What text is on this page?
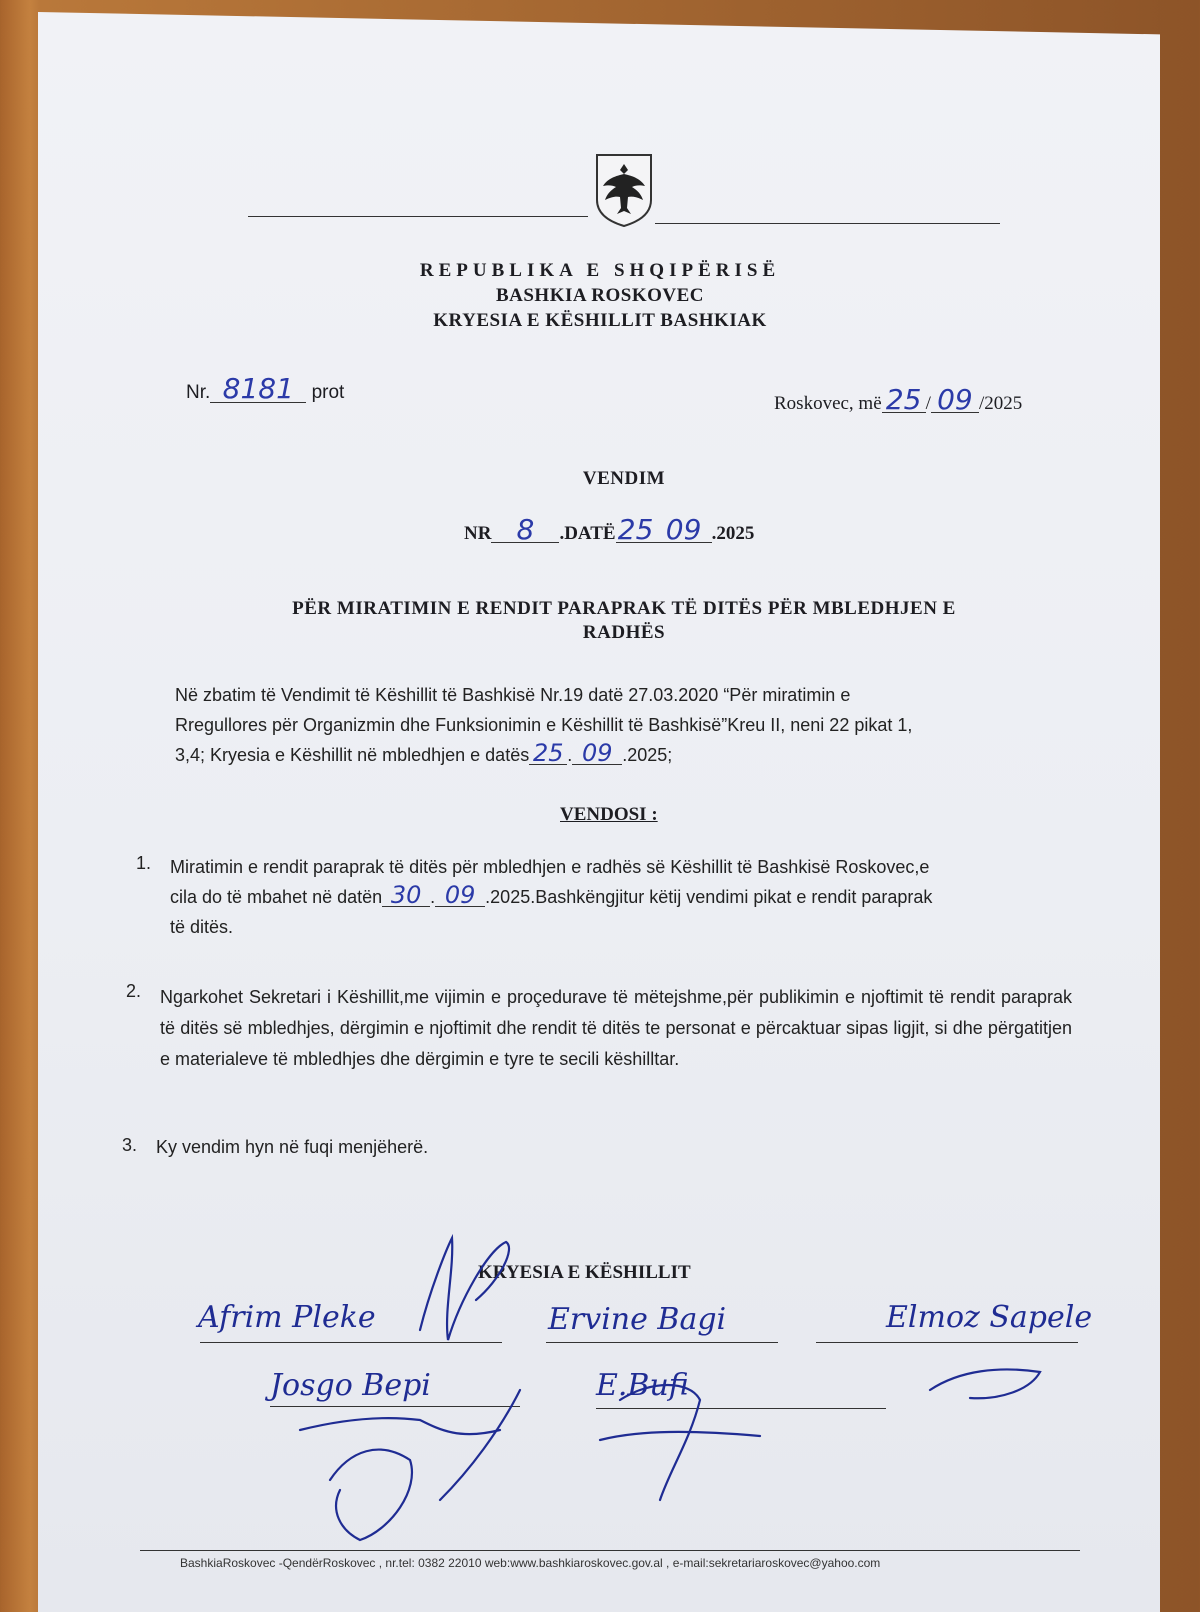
REPUBLIKA E SHQIPËRISË
BASHKIA ROSKOVEC
KRYESIA E KËSHILLIT BASHKIAK
Nr. 8181 prot
Roskovec, më 25 / 09 /2025
VENDIM
NR 8 .DATË25 09 .2025
PËR MIRATIMIN E RENDIT PARAPRAK TË DITËS PËR MBLEDHJEN E
RADHËS
Në zbatim të Vendimit të Këshillit të Bashkisë Nr.19 datë 27.03.2020 “Për miratimin e
Rregullores për Organizmin dhe Funksionimin e Këshillit të Bashkisë”Kreu II, neni 22 pikat 1,
3,4; Kryesia e Këshillit në mbledhjen e datës 25 . 09 .2025;
VENDOSI :
1. Miratimin e rendit paraprak të ditës për mbledhjen e radhës së Këshillit të Bashkisë Roskovec,e
cila do të mbahet në datën 30 . 09 .2025.Bashkëngjitur këtij vendimi pikat e rendit paraprak
të ditës.
2. Ngarkohet Sekretari i Këshillit,me vijimin e proçedurave të mëtejshme,për publikimin e njoftimit të rendit paraprak të ditës së mbledhjes, dërgimin e njoftimit dhe rendit të ditës te personat e përcaktuar sipas ligjit, si dhe përgatitjen e materialeve të mbledhjes dhe dërgimin e tyre te secili këshilltar.
3. Ky vendim hyn në fuqi menjëherë.
KRYESIA E KËSHILLIT
Afrim Pleke	Ervine Bagi	Elmoz Sapele
Josgo Bepi	E.Bufi
BashkiaRoskovec -QendërRoskovec , nr.tel: 0382 22010 web:www.bashkiaroskovec.gov.al , e-mail:sekretariaroskovec@yahoo.com
